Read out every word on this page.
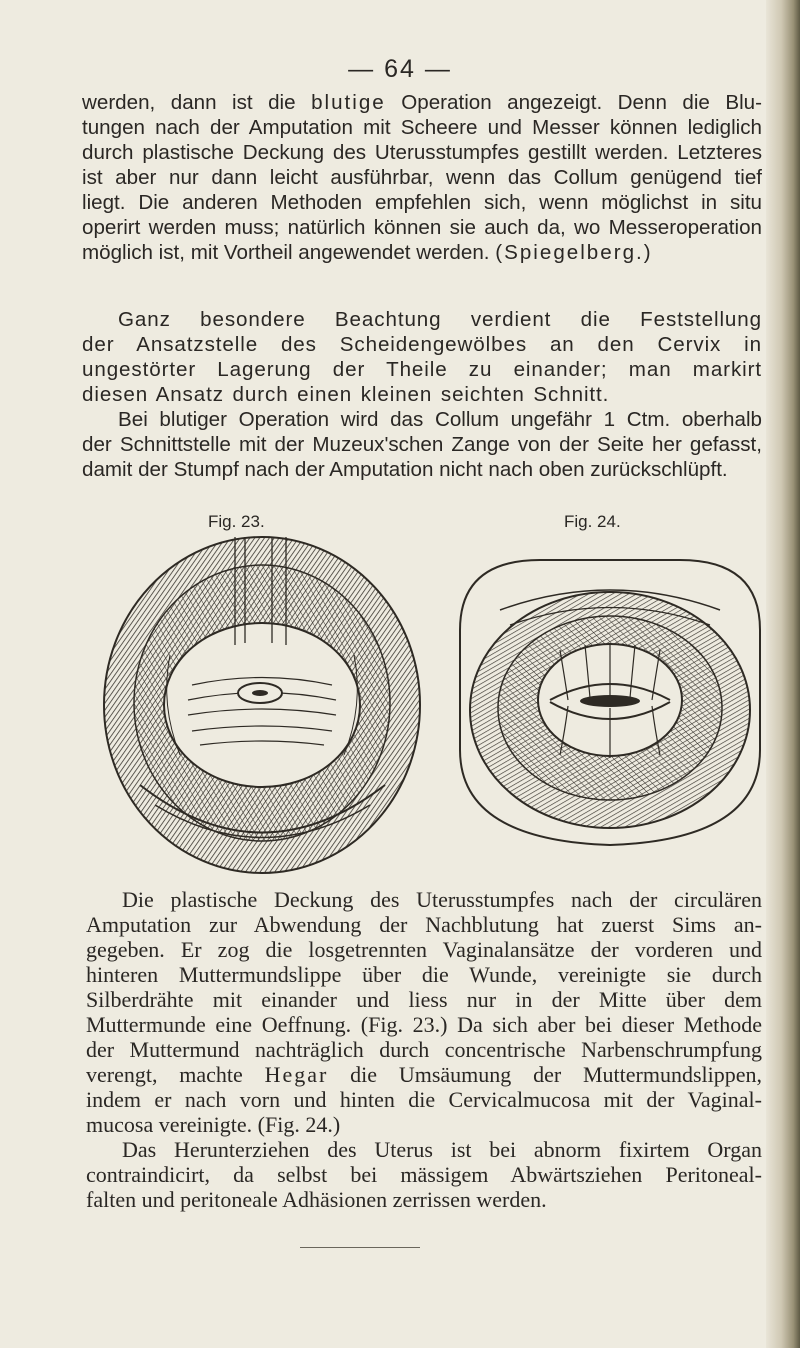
— 64 —

werden, dann ist die blutige Operation angezeigt. Denn die Blu-

tungen nach der Amputation mit Scheere und Messer können lediglich

durch plastische Deckung des Uterusstumpfes gestillt werden. Letzteres

ist aber nur dann leicht ausführbar, wenn das Collum genügend tief

liegt. Die anderen Methoden empfehlen sich, wenn möglichst in situ

operirt werden muss; natürlich können sie auch da, wo Messeroperation

möglich ist, mit Vortheil angewendet werden. (Spiegelberg.)

Ganz besondere Beachtung verdient die Feststellung

der Ansatzstelle des Scheidengewölbes an den Cervix in

ungestörter Lagerung der Theile zu einander; man markirt

diesen Ansatz durch einen kleinen seichten Schnitt.

Bei blutiger Operation wird das Collum ungefähr 1 Ctm. oberhalb

der Schnittstelle mit der Muzeux'schen Zange von der Seite her gefasst,

damit der Stumpf nach der Amputation nicht nach oben zurückschlüpft.

Fig. 23.	Fig. 24.

Die plastische Deckung des Uterusstumpfes nach der circulären

Amputation zur Abwendung der Nachblutung hat zuerst Sims an-

gegeben. Er zog die losgetrennten Vaginalansätze der vorderen und

hinteren Muttermundslippe über die Wunde, vereinigte sie durch

Silberdrähte mit einander und liess nur in der Mitte über dem

Muttermunde eine Oeffnung. (Fig. 23.) Da sich aber bei dieser Methode

der Muttermund nachträglich durch concentrische Narbenschrumpfung

verengt, machte Hegar die Umsäumung der Muttermundslippen,

indem er nach vorn und hinten die Cervicalmucosa mit der Vaginal-

mucosa vereinigte. (Fig. 24.)

Das Herunterziehen des Uterus ist bei abnorm fixirtem Organ

contraindicirt, da selbst bei mässigem Abwärtsziehen Peritoneal-

falten und peritoneale Adhäsionen zerrissen werden.
